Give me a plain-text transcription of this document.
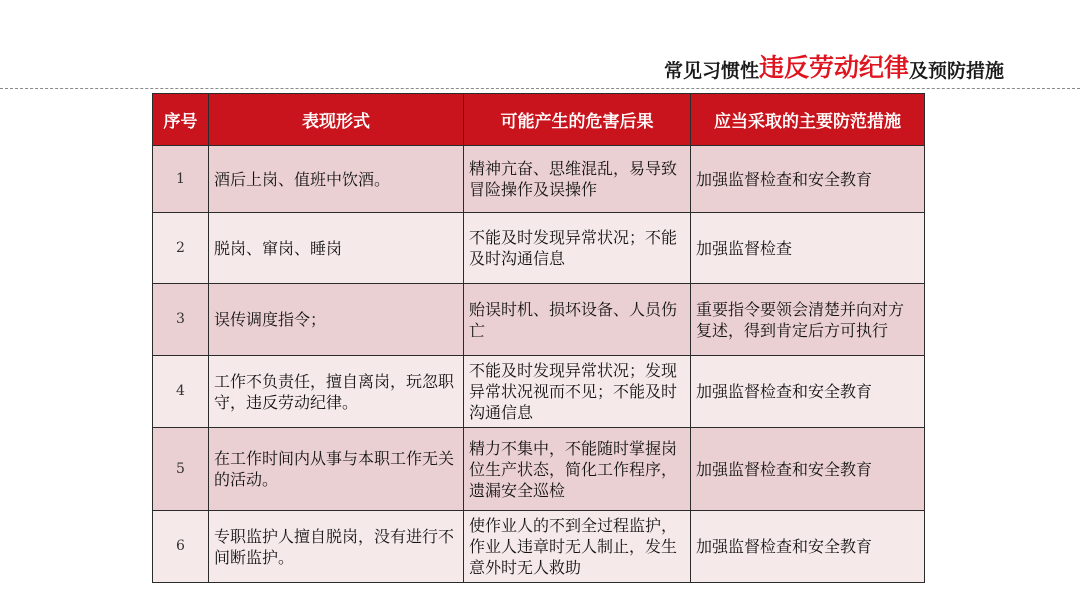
常见习惯性 违反劳动纪律 及预防措施
序号	表现形式	可能产生的危害后果	应当采取的主要防范措施
1	酒后上岗、值班中饮酒。	精神亢奋、思维混乱，易导致冒险操作及误操作	加强监督检查和安全教育
2	脱岗、窜岗、睡岗	不能及时发现异常状况；不能及时沟通信息	加强监督检查
3	误传调度指令；	贻误时机、损坏设备、人员伤亡	重要指令要领会清楚并向对方复述，得到肯定后方可执行
4	工作不负责任，擅自离岗，玩忽职守，违反劳动纪律。	不能及时发现异常状况；发现异常状况视而不见；不能及时沟通信息	加强监督检查和安全教育
5	在工作时间内从事与本职工作无关的活动。	精力不集中，不能随时掌握岗位生产状态，简化工作程序，遗漏安全巡检	加强监督检查和安全教育
6	专职监护人擅自脱岗，没有进行不间断监护。	使作业人的不到全过程监护，作业人违章时无人制止，发生意外时无人救助	加强监督检查和安全教育
